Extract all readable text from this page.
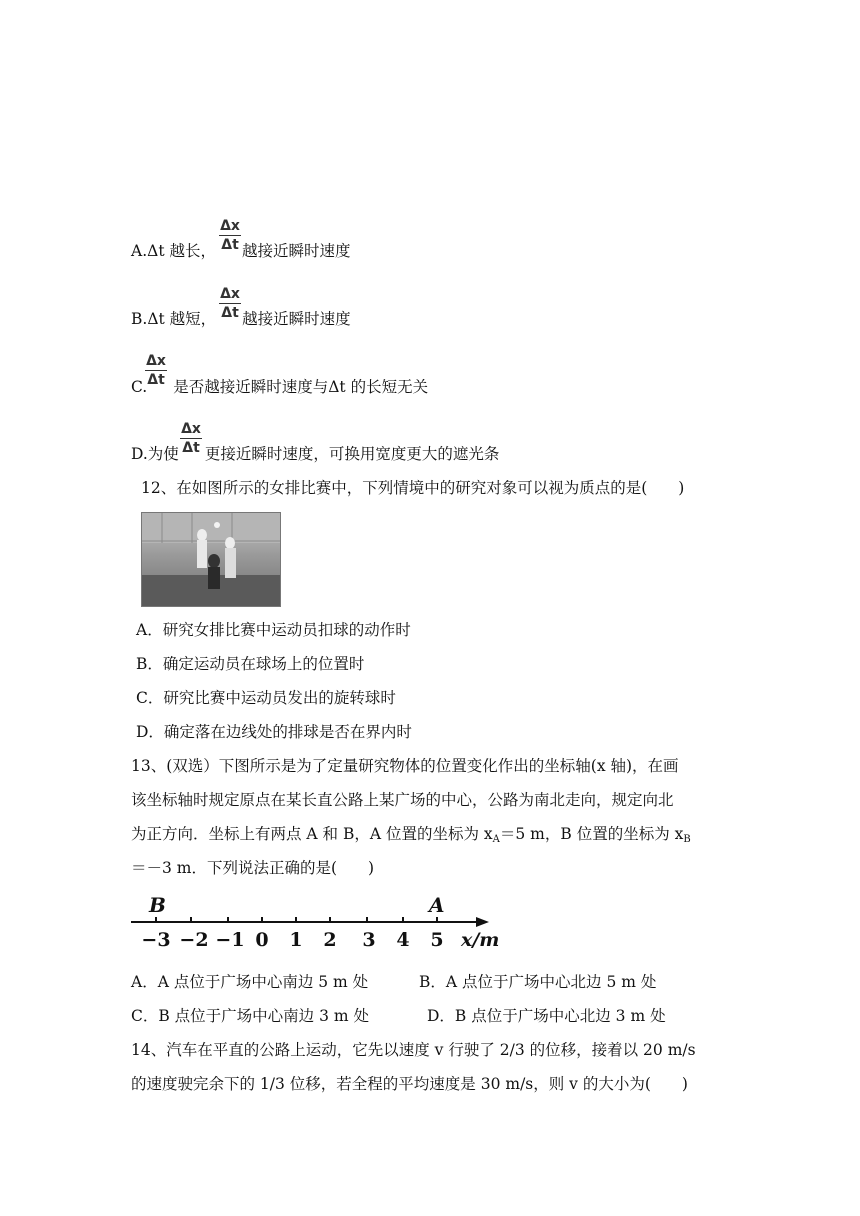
Δx
Δt
A.Δt 越长， 越接近瞬时速度
Δx
Δt
B.Δt 越短， 越接近瞬时速度
Δx
Δt
C. 是否越接近瞬时速度与Δt 的长短无关
Δx
Δt
D.为使 更接近瞬时速度，可换用宽度更大的遮光条
12、在如图所示的女排比赛中，下列情境中的研究对象可以视为质点的是(　　)
A．研究女排比赛中运动员扣球的动作时
B．确定运动员在球场上的位置时
C．研究比赛中运动员发出的旋转球时
D．确定落在边线处的排球是否在界内时
13、(双选）下图所示是为了定量研究物体的位置变化作出的坐标轴(x 轴)，在画
该坐标轴时规定原点在某长直公路上某广场的中心，公路为南北走向，规定向北
为正方向．坐标上有两点 A 和 B，A 位置的坐标为 $x_A=5$ m，B 位置的坐标为 $x_B$
＝－3 m．下列说法正确的是(　　)
B	A
−3 −2 −1 0 1 2 3 4 5 x/m
A．A 点位于广场中心南边 5 m 处	B．A 点位于广场中心北边 5 m 处
C．B 点位于广场中心南边 3 m 处	D．B 点位于广场中心北边 3 m 处
14、汽车在平直的公路上运动，它先以速度 v 行驶了 2/3 的位移，接着以 20 m/s
的速度驶完余下的 1/3 位移，若全程的平均速度是 30 m/s，则 v 的大小为(　　)
